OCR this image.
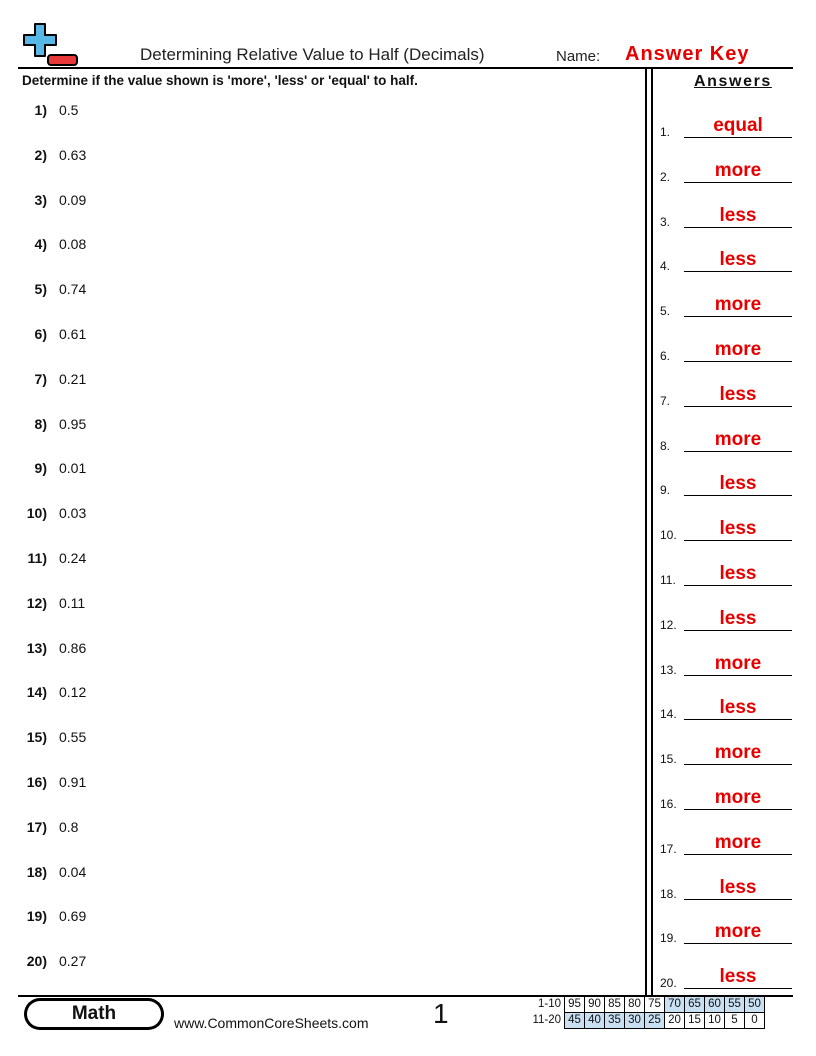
Determining Relative Value to Half (Decimals)	Name: Answer Key
Determine if the value shown is 'more', 'less' or 'equal' to half.	Answers
1) 0.5
2) 0.63
3) 0.09
4) 0.08
5) 0.74
6) 0.61
7) 0.21
8) 0.95
9) 0.01
10) 0.03
11) 0.24
12) 0.11
13) 0.86
14) 0.12
15) 0.55
16) 0.91
17) 0.8
18) 0.04
19) 0.69
20) 0.27
1.	equal
2.	more
3.	less
4.	less
5.	more
6.	more
7.	less
8.	more
9.	less
10.	less
11.	less
12.	less
13.	more
14.	less
15.	more
16.	more
17.	more
18.	less
19.	more
20.	less
Math	www.CommonCoreSheets.com 1	1-10	95	90	85	80	75	70	65	60	55	50
11-20	45	40	35	30	25	20	15	10	5	0
